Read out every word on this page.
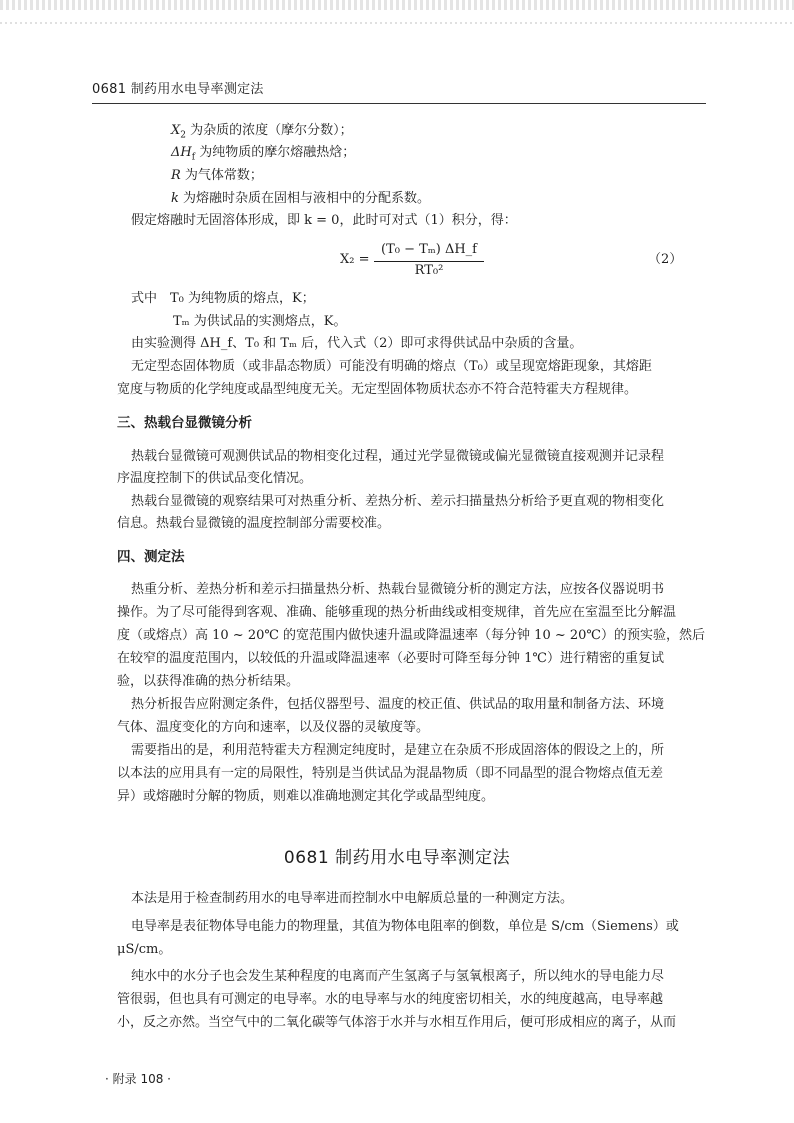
0681 制药用水电导率测定法
$X_2$ 为杂质的浓度（摩尔分数）；
$\Delta H_f$ 为纯物质的摩尔熔融热焓；
R 为气体常数；
k 为熔融时杂质在固相与液相中的分配系数。
假定熔融时无固溶体形成，即 k = 0，此时可对式（1）积分，得：
X₂ =
(T₀ − Tₘ) ΔH_f
RT₀²
（2）
式中　T₀ 为纯物质的熔点，K；
Tₘ 为供试品的实测熔点，K。
由实验测得 ΔH_f、T₀ 和 Tₘ 后，代入式（2）即可求得供试品中杂质的含量。
无定型态固体物质（或非晶态物质）可能没有明确的熔点（T₀）或呈现宽熔距现象，其熔距
宽度与物质的化学纯度或晶型纯度无关。无定型固体物质状态亦不符合范特霍夫方程规律。
三、热载台显微镜分析
热载台显微镜可观测供试品的物相变化过程，通过光学显微镜或偏光显微镜直接观测并记录程
序温度控制下的供试品变化情况。
热载台显微镜的观察结果可对热重分析、差热分析、差示扫描量热分析给予更直观的物相变化
信息。热载台显微镜的温度控制部分需要校准。
四、测定法
热重分析、差热分析和差示扫描量热分析、热载台显微镜分析的测定方法，应按各仪器说明书
操作。为了尽可能得到客观、准确、能够重现的热分析曲线或相变规律，首先应在室温至比分解温
度（或熔点）高 10 ~ 20℃ 的宽范围内做快速升温或降温速率（每分钟 10 ~ 20℃）的预实验，然后
在较窄的温度范围内，以较低的升温或降温速率（必要时可降至每分钟 1℃）进行精密的重复试
验，以获得准确的热分析结果。
热分析报告应附测定条件，包括仪器型号、温度的校正值、供试品的取用量和制备方法、环境
气体、温度变化的方向和速率，以及仪器的灵敏度等。
需要指出的是，利用范特霍夫方程测定纯度时，是建立在杂质不形成固溶体的假设之上的，所
以本法的应用具有一定的局限性，特别是当供试品为混晶物质（即不同晶型的混合物熔点值无差
异）或熔融时分解的物质，则难以准确地测定其化学或晶型纯度。
0681 制药用水电导率测定法
本法是用于检查制药用水的电导率进而控制水中电解质总量的一种测定方法。
电导率是表征物体导电能力的物理量，其值为物体电阻率的倒数，单位是 S/cm（Siemens）或
μS/cm。
纯水中的水分子也会发生某种程度的电离而产生氢离子与氢氧根离子，所以纯水的导电能力尽
管很弱，但也具有可测定的电导率。水的电导率与水的纯度密切相关，水的纯度越高，电导率越
小，反之亦然。当空气中的二氧化碳等气体溶于水并与水相互作用后，便可形成相应的离子，从而
· 附录 108 ·
